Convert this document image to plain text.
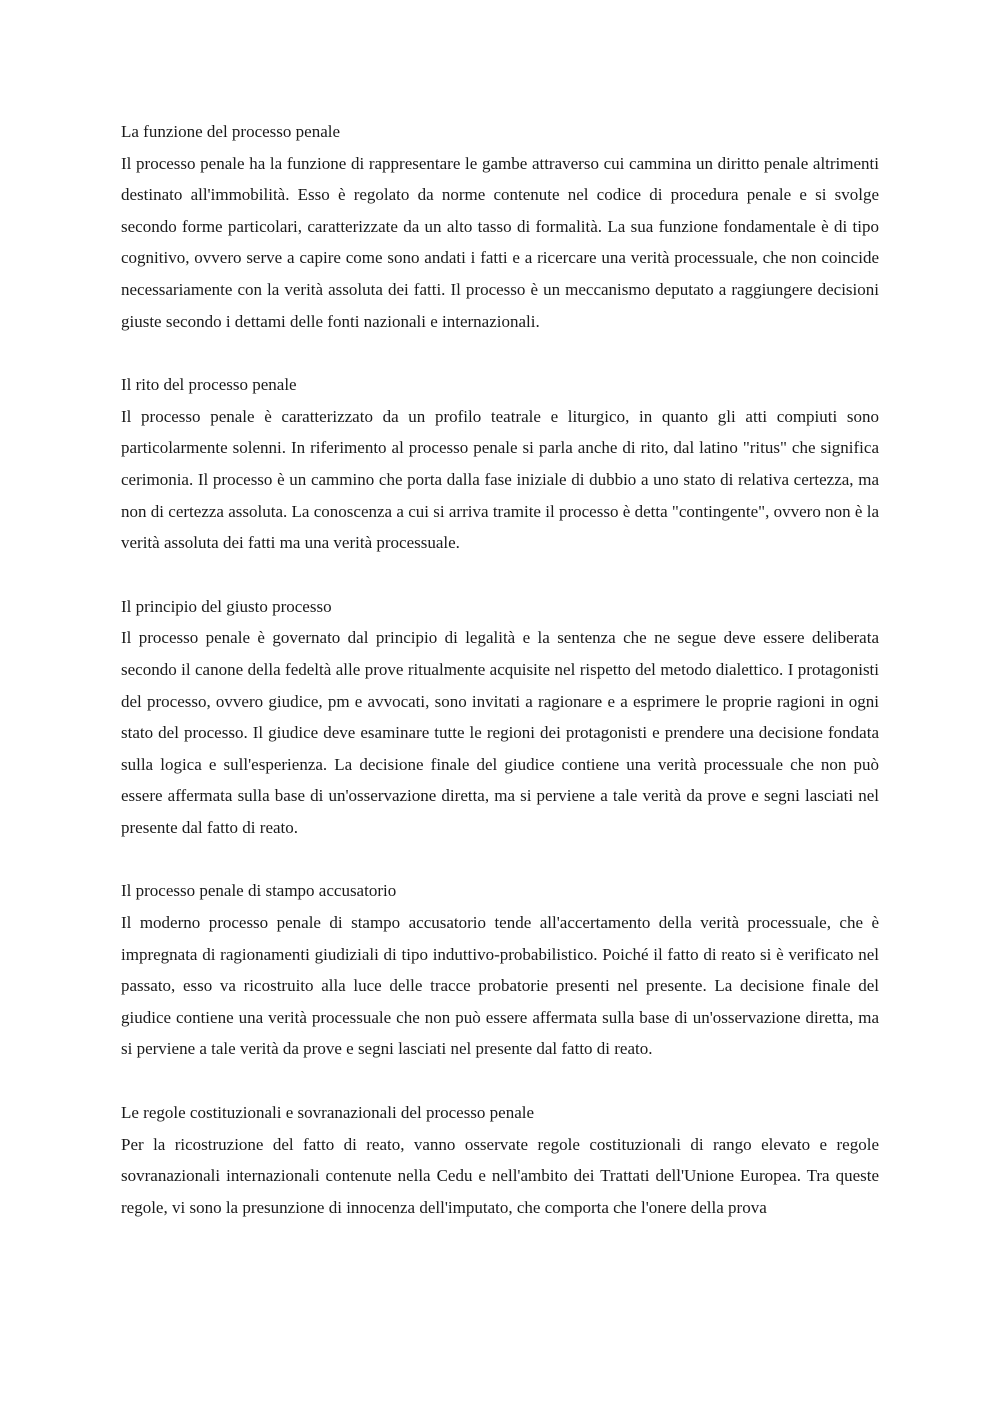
La funzione del processo penale

Il processo penale ha la funzione di rappresentare le gambe attraverso cui cammina un diritto penale altrimenti destinato all'immobilità. Esso è regolato da norme contenute nel codice di procedura penale e si svolge secondo forme particolari, caratterizzate da un alto tasso di formalità. La sua funzione fondamentale è di tipo cognitivo, ovvero serve a capire come sono andati i fatti e a ricercare una verità processuale, che non coincide necessariamente con la verità assoluta dei fatti. Il processo è un meccanismo deputato a raggiungere decisioni giuste secondo i dettami delle fonti nazionali e internazionali.

Il rito del processo penale

Il processo penale è caratterizzato da un profilo teatrale e liturgico, in quanto gli atti compiuti sono particolarmente solenni. In riferimento al processo penale si parla anche di rito, dal latino "ritus" che significa cerimonia. Il processo è un cammino che porta dalla fase iniziale di dubbio a uno stato di relativa certezza, ma non di certezza assoluta. La conoscenza a cui si arriva tramite il processo è detta "contingente", ovvero non è la verità assoluta dei fatti ma una verità processuale.

Il principio del giusto processo

Il processo penale è governato dal principio di legalità e la sentenza che ne segue deve essere deliberata secondo il canone della fedeltà alle prove ritualmente acquisite nel rispetto del metodo dialettico. I protagonisti del processo, ovvero giudice, pm e avvocati, sono invitati a ragionare e a esprimere le proprie ragioni in ogni stato del processo. Il giudice deve esaminare tutte le regioni dei protagonisti e prendere una decisione fondata sulla logica e sull'esperienza. La decisione finale del giudice contiene una verità processuale che non può essere affermata sulla base di un'osservazione diretta, ma si perviene a tale verità da prove e segni lasciati nel presente dal fatto di reato.

Il processo penale di stampo accusatorio

Il moderno processo penale di stampo accusatorio tende all'accertamento della verità processuale, che è impregnata di ragionamenti giudiziali di tipo induttivo-probabilistico. Poiché il fatto di reato si è verificato nel passato, esso va ricostruito alla luce delle tracce probatorie presenti nel presente. La decisione finale del giudice contiene una verità processuale che non può essere affermata sulla base di un'osservazione diretta, ma si perviene a tale verità da prove e segni lasciati nel presente dal fatto di reato.

Le regole costituzionali e sovranazionali del processo penale

Per la ricostruzione del fatto di reato, vanno osservate regole costituzionali di rango elevato e regole sovranazionali internazionali contenute nella Cedu e nell'ambito dei Trattati dell'Unione Europea. Tra queste regole, vi sono la presunzione di innocenza dell'imputato, che comporta che l'onere della prova
